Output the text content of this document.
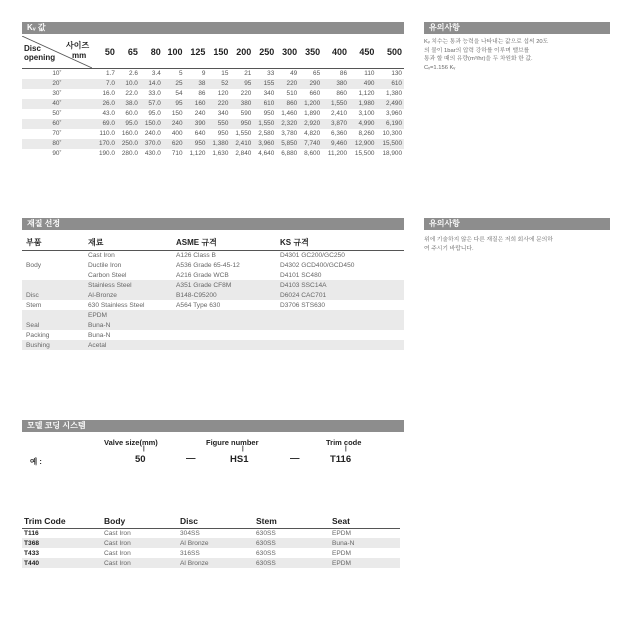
Kᵥ 값
사이즈
mm
Disc
opening	50	65	80	100	125	150	200	250	300	350	400	450	500
10˚	1.7	2.6	3.4	5	9	15	21	33	49	65	86	110	130
20˚	7.0	10.0	14.0	25	38	52	95	155	220	290	380	490	610
30˚	16.0	22.0	33.0	54	86	120	220	340	510	660	860	1,120	1,380
40˚	26.0	38.0	57.0	95	160	220	380	610	860	1,200	1,550	1,980	2,490
50˚	43.0	60.0	95.0	150	240	340	590	950	1,460	1,890	2,410	3,100	3,960
60˚	69.0	95.0	150.0	240	390	550	950	1,550	2,320	2,920	3,870	4,990	6,190
70˚	110.0	160.0	240.0	400	640	950	1,550	2,580	3,780	4,820	6,360	8,260	10,300
80˚	170.0	250.0	370.0	620	950	1,380	2,410	3,960	5,850	7,740	9,460	12,900	15,500
90˚	190.0	280.0	430.0	710	1,120	1,630	2,840	4,640	6,880	8,600	11,200	15,500	18,900
유의사항
Kᵥ 치수는 통과 능력을 나타내는 값으로 섭씨 20도
의 물이 1bar의 압력 강하를 이루며 밸브를
통과 할 때의 유량(m³/hr)을 두 차원화 한 값.
Cᵥ=1.156 Kᵥ
재질 선정
부품	재료	ASME 규격	KS 규격
	Cast Iron	A126 Class B	D4301 GC200/GC250
Body	Ductile Iron	A536 Grade 65-45-12	D4302 GCD400/GCD450
	Carbon Steel	A216 Grade WCB	D4101 SC480
	Stainless Steel	A351 Grade CF8M	D4103 SSC14A
Disc	Al-Bronze	B148-C95200	D6024 CAC701
Stem	630 Stainless Steel	A564 Type 630	D3706 STS630
	EPDM		
Seal	Buna-N		
Packing	Buna-N		
Bushing	Acetal		
유의사항
위에 기술하지 않은 다른 재질은 저희 회사에 문의하
여 주시기 바랍니다.
모델 코딩 시스템
예 :
Valve size(mm)
|
50	—
Figure number
|
HS1	—
Trim code
|
T116
Trim Code	Body	Disc	Stem	Seat
T116	Cast Iron	304SS	630SS	EPDM
T368	Cast Iron	Al Bronze	630SS	Buna-N
T433	Cast Iron	316SS	630SS	EPDM
T440	Cast Iron	Al Bronze	630SS	EPDM
